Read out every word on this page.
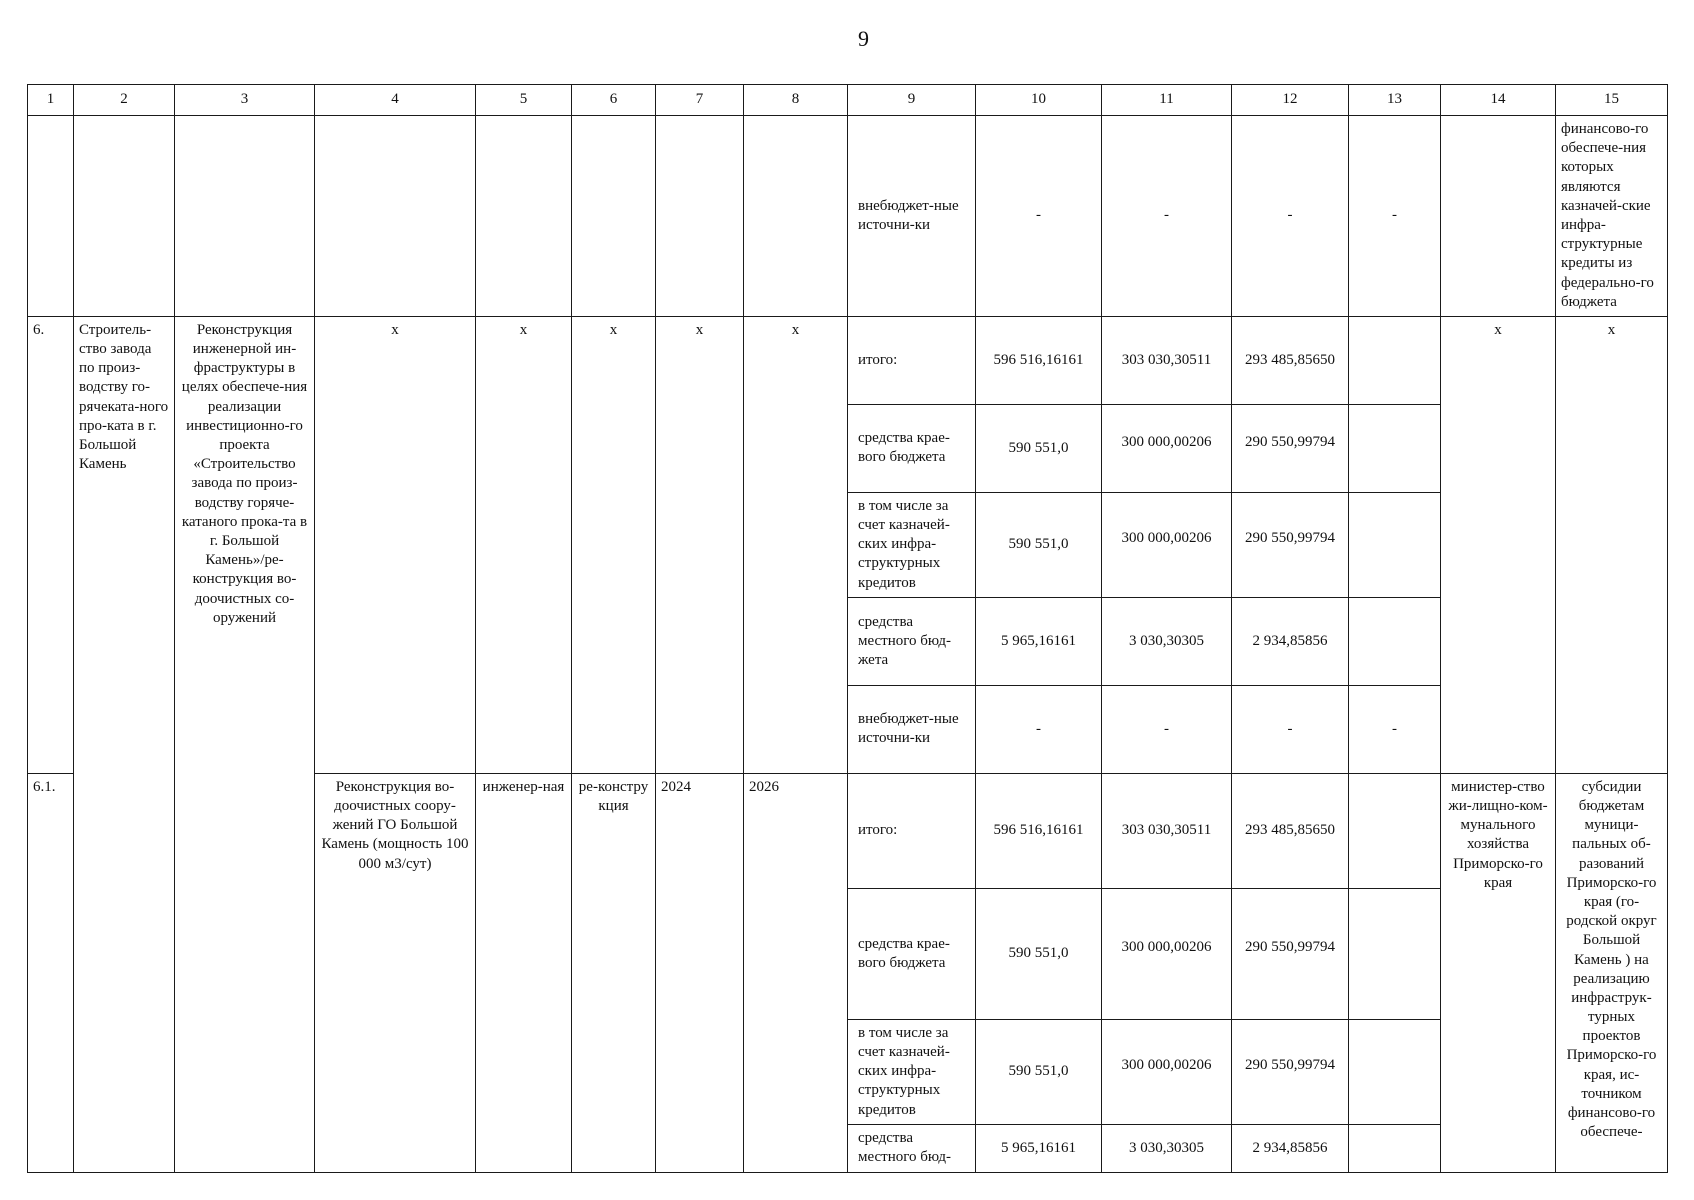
9
1	2	3	4	5	6	7	8	9	10	11	12	13	14	15
								внебюджет-ные источни-ки	-	-	-	-		финансово-го обеспече-ния которых являются казначей-ские инфра-структурные кредиты из федерально-го бюджета
6.	Строитель-ство завода по произ-водству го-рячеката-ного про-ката в г. Большой Камень	Реконструкция инженерной ин-фраструктуры в целях обеспече-ния реализации инвестиционно-го проекта «Строительство завода по произ-водству горяче-катаного прока-та в г. Большой Камень»/ре-конструкция во-доочистных со-оружений	x	x	x	x	x	итого:	596 516,16161	303 030,30511	293 485,85650		x	x
								средства крае-вого бюджета	590 551,0	300 000,00206	290 550,99794			
								в том числе за счет казначей-ских инфра-структурных кредитов	590 551,0	300 000,00206	290 550,99794			
								средства местного бюд-жета	5 965,16161	3 030,30305	2 934,85856			
								внебюджет-ные источни-ки	-	-	-	-		
6.1.			Реконструкция во-доочистных соору-жений ГО Большой Камень (мощность 100 000 м3/сут)	инженер-ная	ре-констру кция	2024	2026	итого:	596 516,16161	303 030,30511	293 485,85650		министер-ство жи-лищно-ком-мунального хозяйства Приморско-го края	субсидии бюджетам муници-пальных об-разований Приморско-го края (го-родской округ Большой Камень ) на реализацию инфраструк-турных проектов Приморско-го края, ис-точником финансово-го обеспече-
								средства крае-вого бюджета	590 551,0	300 000,00206	290 550,99794			
								в том числе за счет казначей-ских инфра-структурных кредитов	590 551,0	300 000,00206	290 550,99794			
								средства местного бюд-	5 965,16161	3 030,30305	2 934,85856			
